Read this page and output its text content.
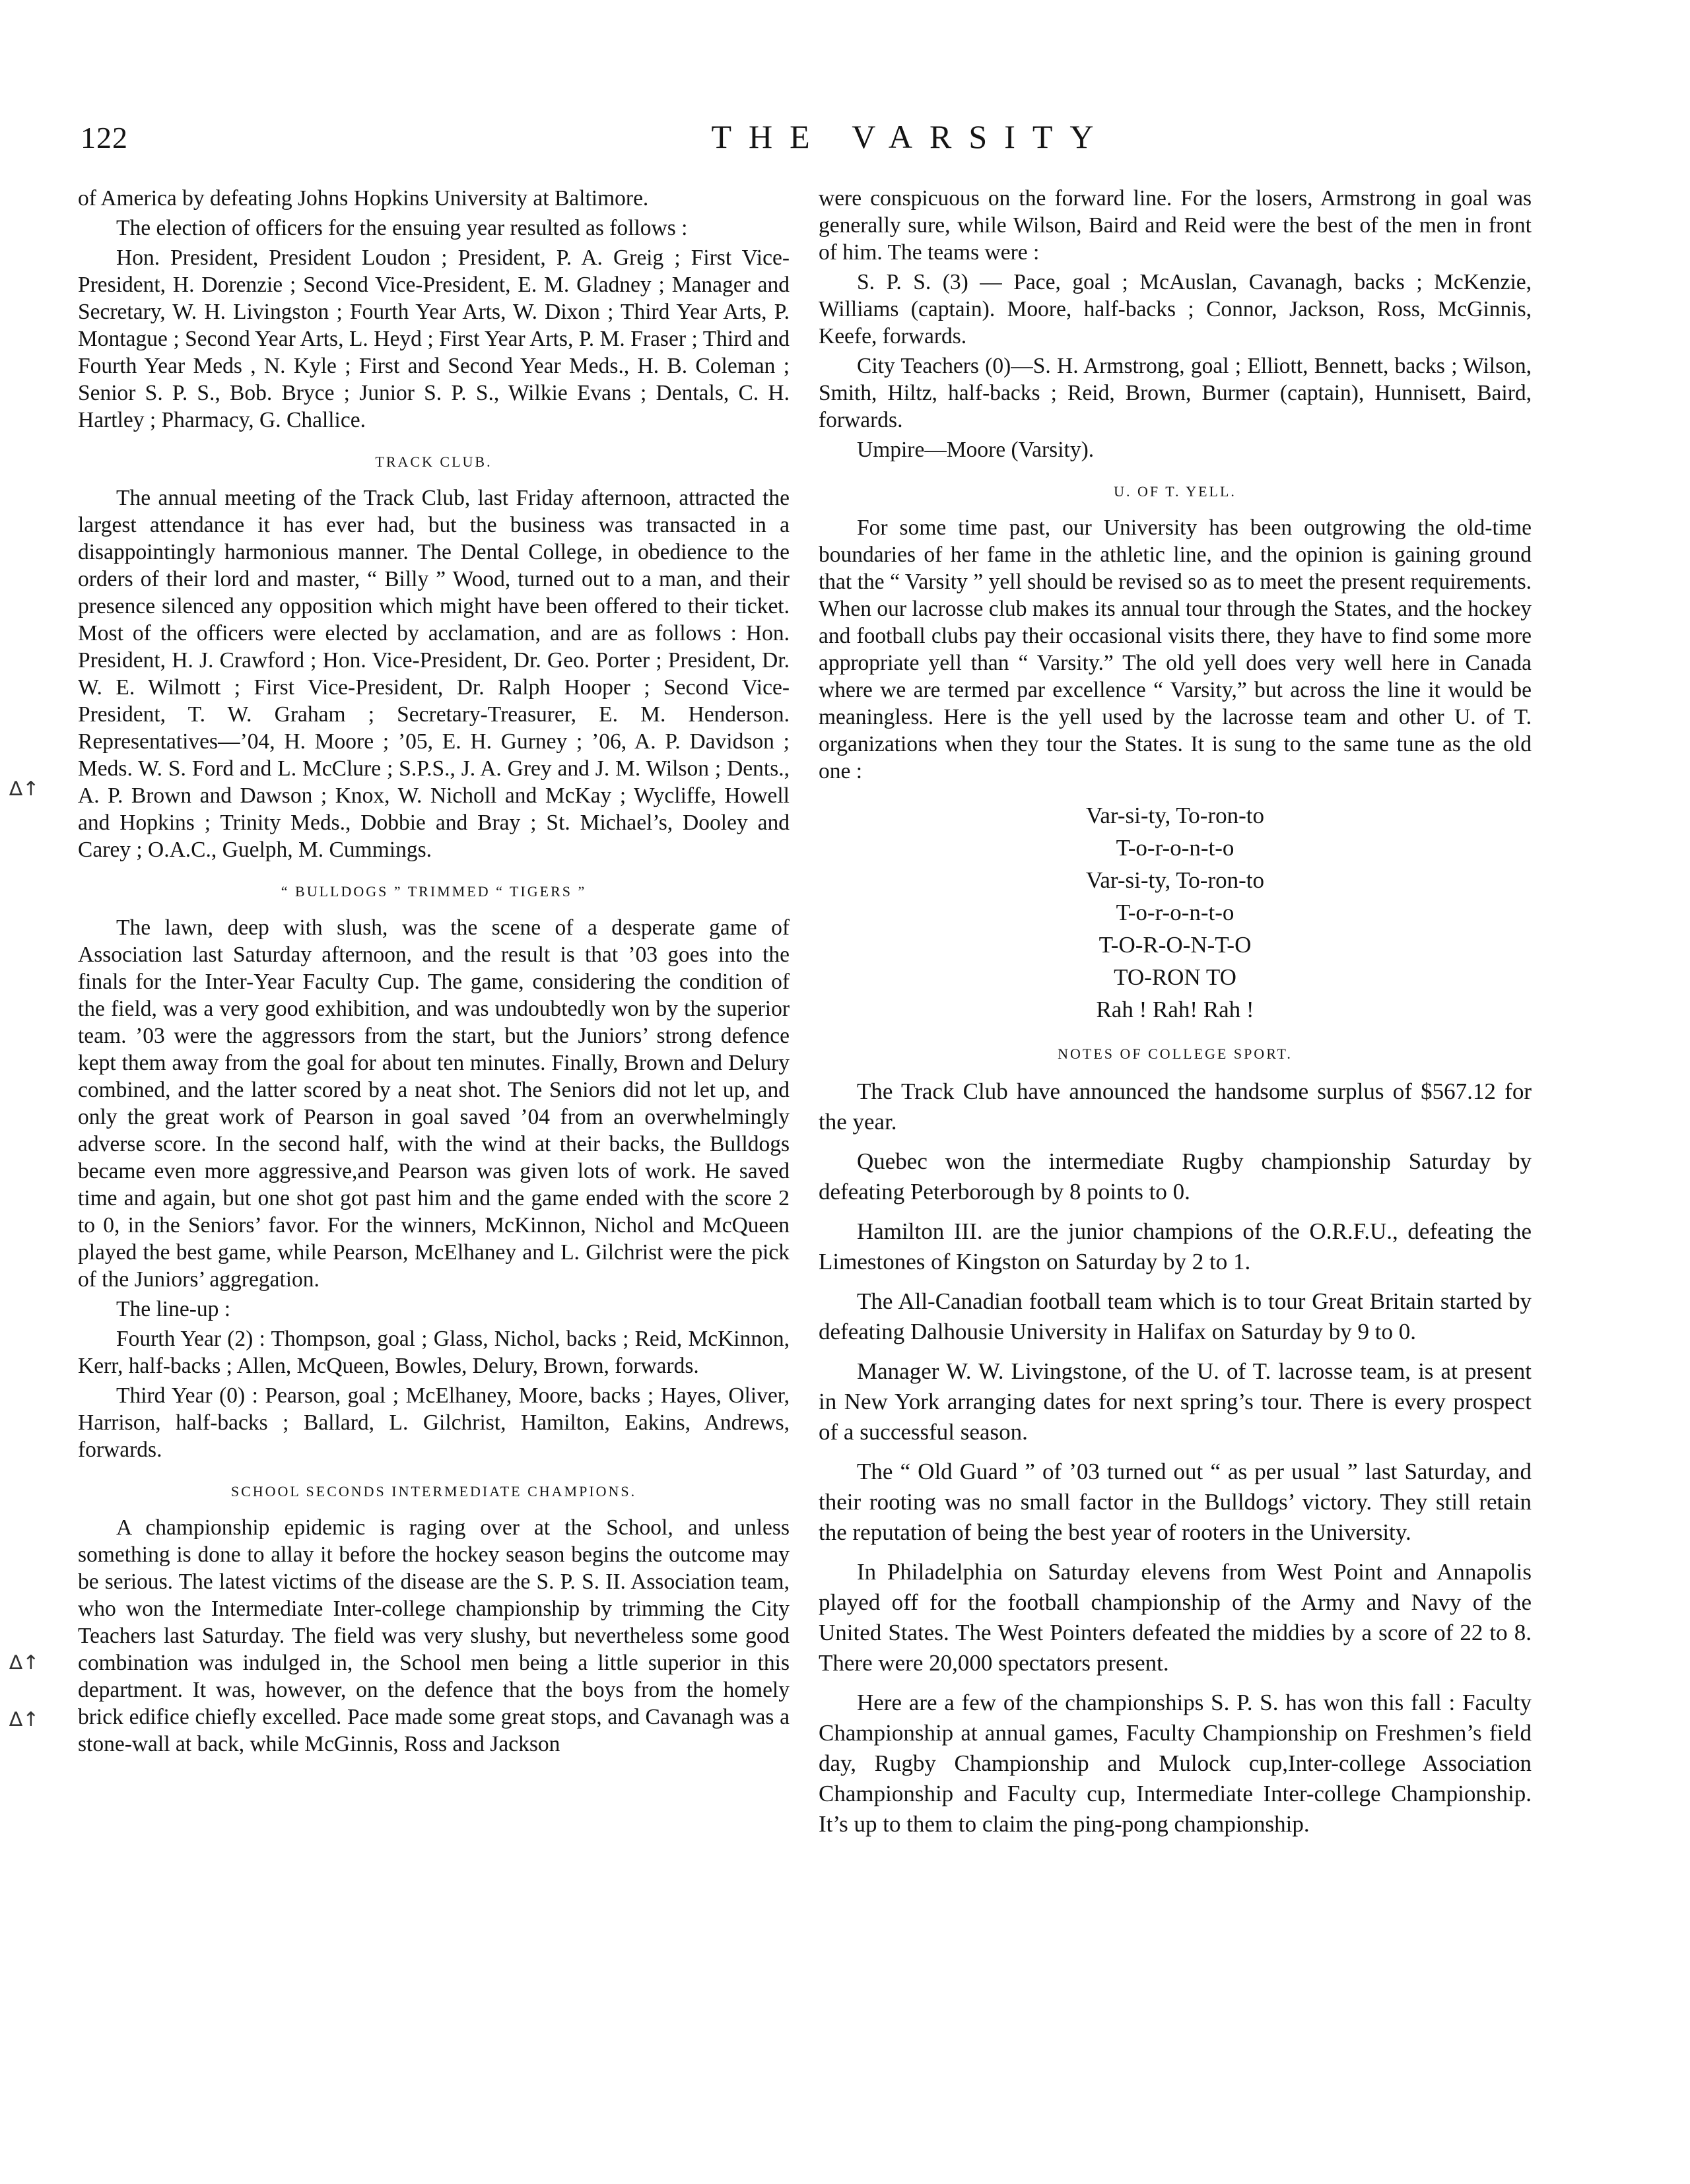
122	THE VARSITY
∆↑
∆↑
∆↑

of America by defeating Johns Hopkins University at Baltimore.

The election of officers for the ensuing year resulted as follows :

Hon. President, President Loudon ; President, P. A. Greig ; First Vice-President, H. Dorenzie ; Second Vice-President, E. M. Gladney ; Manager and Secretary, W. H. Livingston ; Fourth Year Arts, W. Dixon ; Third Year Arts, P. Montague ; Second Year Arts, L. Heyd ; First Year Arts, P. M. Fraser ; Third and Fourth Year Meds , N. Kyle ; First and Second Year Meds., H. B. Coleman ; Senior S. P. S., Bob. Bryce ; Junior S. P. S., Wilkie Evans ; Dentals, C. H. Hartley ; Pharmacy, G. Challice.

TRACK CLUB.

The annual meeting of the Track Club, last Friday afternoon, attracted the largest attendance it has ever had, but the business was transacted in a disappointingly harmonious manner. The Dental College, in obedience to the orders of their lord and master, “ Billy ” Wood, turned out to a man, and their presence silenced any opposition which might have been offered to their ticket. Most of the officers were elected by acclamation, and are as follows : Hon. President, H. J. Crawford ; Hon. Vice-President, Dr. Geo. Porter ; President, Dr. W. E. Wilmott ; First Vice-President, Dr. Ralph Hooper ; Second Vice-President, T. W. Graham ; Secretary-Treasurer, E. M. Henderson. Representatives—’04, H. Moore ; ’05, E. H. Gurney ; ’06, A. P. Davidson ; Meds. W. S. Ford and L. McClure ; S.P.S., J. A. Grey and J. M. Wilson ; Dents., A. P. Brown and Dawson ; Knox, W. Nicholl and McKay ; Wycliffe, Howell and Hopkins ; Trinity Meds., Dobbie and Bray ; St. Michael’s, Dooley and Carey ; O.A.C., Guelph, M. Cummings.

“ BULLDOGS ” TRIMMED “ TIGERS ”

The lawn, deep with slush, was the scene of a desperate game of Association last Saturday afternoon, and the result is that ’03 goes into the finals for the Inter-Year Faculty Cup. The game, considering the condition of the field, was a very good exhibition, and was undoubtedly won by the superior team. ’03 were the aggressors from the start, but the Juniors’ strong defence kept them away from the goal for about ten minutes. Finally, Brown and Delury combined, and the latter scored by a neat shot. The Seniors did not let up, and only the great work of Pearson in goal saved ’04 from an overwhelmingly adverse score. In the second half, with the wind at their backs, the Bulldogs became even more aggressive,and Pearson was given lots of work. He saved time and again, but one shot got past him and the game ended with the score 2 to 0, in the Seniors’ favor. For the winners, McKinnon, Nichol and McQueen played the best game, while Pearson, McElhaney and L. Gilchrist were the pick of the Juniors’ aggregation.

The line-up :

Fourth Year (2) : Thompson, goal ; Glass, Nichol, backs ; Reid, McKinnon, Kerr, half-backs ; Allen, McQueen, Bowles, Delury, Brown, forwards.

Third Year (0) : Pearson, goal ; McElhaney, Moore, backs ; Hayes, Oliver, Harrison, half-backs ; Ballard, L. Gilchrist, Hamilton, Eakins, Andrews, forwards.

SCHOOL SECONDS INTERMEDIATE CHAMPIONS.

A championship epidemic is raging over at the School, and unless something is done to allay it before the hockey season begins the outcome may be serious. The latest victims of the disease are the S. P. S. II. Association team, who won the Intermediate Inter-college championship by trimming the City Teachers last Saturday. The field was very slushy, but nevertheless some good combination was indulged in, the School men being a little superior in this department. It was, however, on the defence that the boys from the homely brick edifice chiefly excelled. Pace made some great stops, and Cavanagh was a stone-wall at back, while McGinnis, Ross and Jackson

were conspicuous on the forward line. For the losers, Armstrong in goal was generally sure, while Wilson, Baird and Reid were the best of the men in front of him. The teams were :

S. P. S. (3) — Pace, goal ; McAuslan, Cavanagh, backs ; McKenzie, Williams (captain). Moore, half-backs ; Connor, Jackson, Ross, McGinnis, Keefe, forwards.

City Teachers (0)—S. H. Armstrong, goal ; Elliott, Bennett, backs ; Wilson, Smith, Hiltz, half-backs ; Reid, Brown, Burmer (captain), Hunnisett, Baird, forwards.

Umpire—Moore (Varsity).

U. OF T. YELL.

For some time past, our University has been outgrowing the old-time boundaries of her fame in the athletic line, and the opinion is gaining ground that the “ Varsity ” yell should be revised so as to meet the present requirements. When our lacrosse club makes its annual tour through the States, and the hockey and football clubs pay their occasional visits there, they have to find some more appropriate yell than “ Varsity.” The old yell does very well here in Canada where we are termed par excellence “ Varsity,” but across the line it would be meaningless. Here is the yell used by the lacrosse team and other U. of T. organizations when they tour the States. It is sung to the same tune as the old one :

Var-si-ty, To-ron-to
T-o-r-o-n-t-o
Var-si-ty, To-ron-to
T-o-r-o-n-t-o
T-O-R-O-N-T-O
TO-RON TO
Rah ! Rah! Rah !
NOTES OF COLLEGE SPORT.

The Track Club have announced the handsome surplus of $567.12 for the year.

Quebec won the intermediate Rugby championship Saturday by defeating Peterborough by 8 points to 0.

Hamilton III. are the junior champions of the O.R.F.U., defeating the Limestones of Kingston on Saturday by 2 to 1.

The All-Canadian football team which is to tour Great Britain started by defeating Dalhousie University in Halifax on Saturday by 9 to 0.

Manager W. W. Livingstone, of the U. of T. lacrosse team, is at present in New York arranging dates for next spring’s tour. There is every prospect of a successful season.

The “ Old Guard ” of ’03 turned out “ as per usual ” last Saturday, and their rooting was no small factor in the Bulldogs’ victory. They still retain the reputation of being the best year of rooters in the University.

In Philadelphia on Saturday elevens from West Point and Annapolis played off for the football championship of the Army and Navy of the United States. The West Pointers defeated the middies by a score of 22 to 8. There were 20,000 spectators present.

Here are a few of the championships S. P. S. has won this fall : Faculty Championship at annual games, Faculty Championship on Freshmen’s field day, Rugby Championship and Mulock cup,Inter-college Association Championship and Faculty cup, Intermediate Inter-college Championship. It’s up to them to claim the ping-pong championship.
